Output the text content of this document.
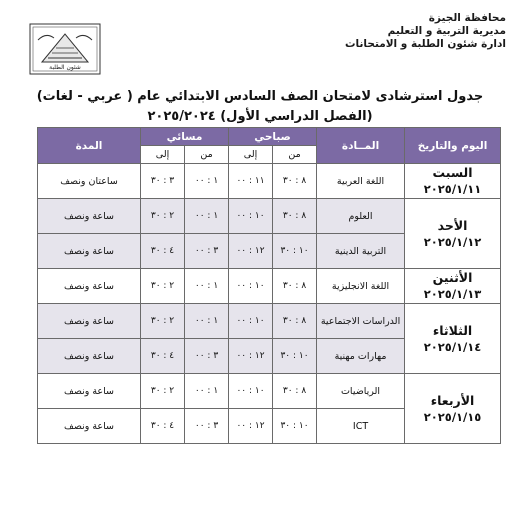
محافظة الجيزة
مديرية التربية و التعليم
ادارة شئون الطلبة و الامتحانات
شئون الطلبة
جدول استرشادى لامتحان الصف السادس الابتدائي عام ( عربي - لغات)
(الفصل الدراسي الأول) ٢٠٢٥/٢٠٢٤
اليوم والتاريخ	المــادة	صباحي		مسائي		المدة
		من	إلى	من	إلى	

السبت
٢٠٢٥/١/١١	اللغة العربية	٨ : ٣٠	١١ : ٠٠	١ : ٠٠	٣ : ٣٠	ساعتان ونصف

الأحد
٢٠٢٥/١/١٢	العلوم	٨ : ٣٠	١٠ : ٠٠	١ : ٠٠	٢ : ٣٠	ساعة ونصف
	التربية الدينية	١٠ : ٣٠	١٢ : ٠٠	٣ : ٠٠	٤ : ٣٠	ساعة ونصف

الأثنين
٢٠٢٥/١/١٣	اللغة الانجليزية	٨ : ٣٠	١٠ : ٠٠	١ : ٠٠	٢ : ٣٠	ساعة ونصف

الثلاثاء
٢٠٢٥/١/١٤	الدراسات الاجتماعية	٨ : ٣٠	١٠ : ٠٠	١ : ٠٠	٢ : ٣٠	ساعة ونصف
	مهارات مهنية	١٠ : ٣٠	١٢ : ٠٠	٣ : ٠٠	٤ : ٣٠	ساعة ونصف

الأربعاء
٢٠٢٥/١/١٥	الرياضيات	٨ : ٣٠	١٠ : ٠٠	١ : ٠٠	٢ : ٣٠	ساعة ونصف
	ICT	١٠ : ٣٠	١٢ : ٠٠	٣ : ٠٠	٤ : ٣٠	ساعة ونصف
